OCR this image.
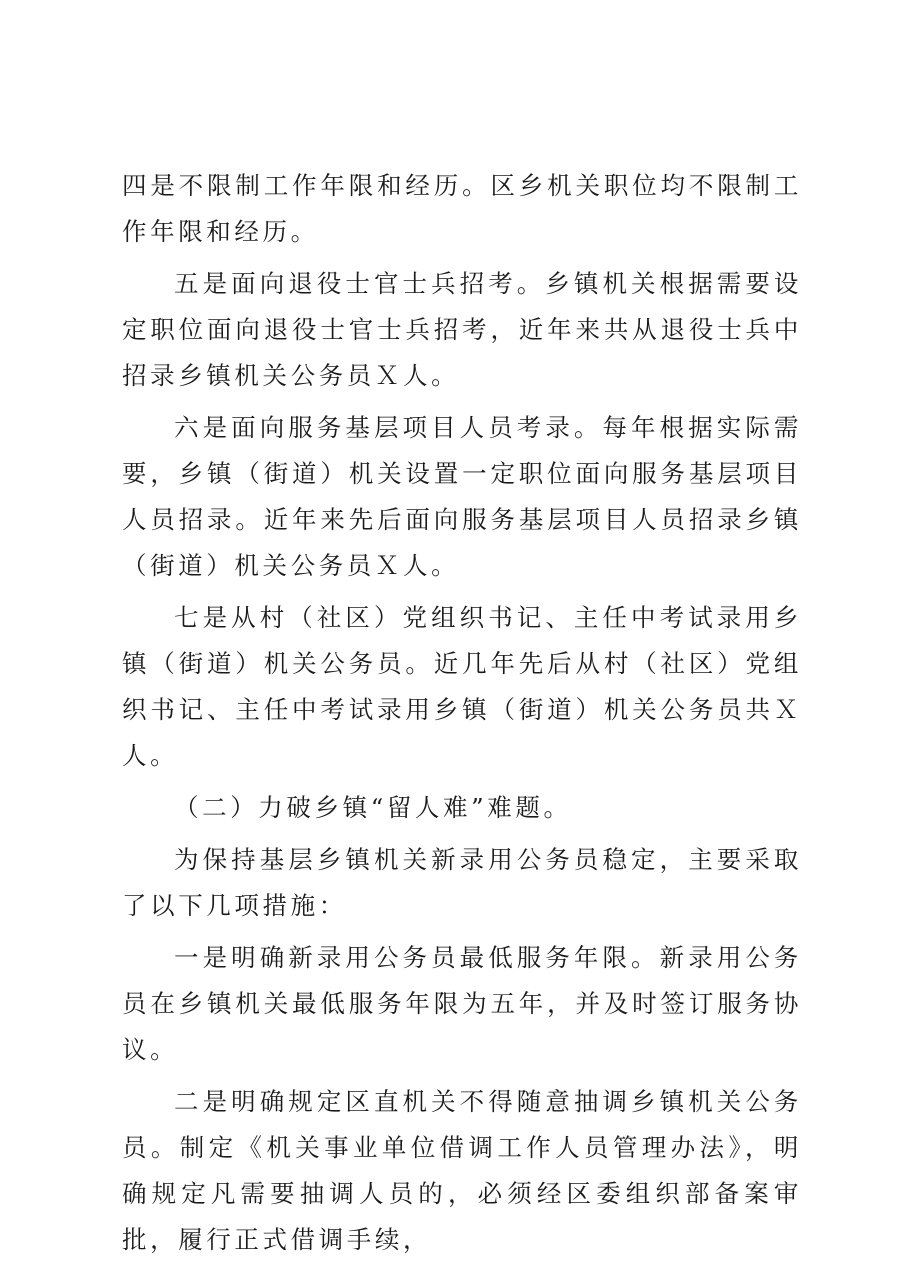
四是不限制工作年限和经历。区乡机关职位均不限制工作年限和经历。

五是面向退役士官士兵招考。乡镇机关根据需要设定职位面向退役士官士兵招考，近年来共从退役士兵中招录乡镇机关公务员Ｘ人。

六是面向服务基层项目人员考录。每年根据实际需要，乡镇（街道）机关设置一定职位面向服务基层项目人员招录。近年来先后面向服务基层项目人员招录乡镇（街道）机关公务员Ｘ人。

七是从村（社区）党组织书记、主任中考试录用乡镇（街道）机关公务员。近几年先后从村（社区）党组织书记、主任中考试录用乡镇（街道）机关公务员共Ｘ人。

（二）力破乡镇“留人难”难题。

为保持基层乡镇机关新录用公务员稳定，主要采取了以下几项措施：

一是明确新录用公务员最低服务年限。新录用公务员在乡镇机关最低服务年限为五年，并及时签订服务协议。

二是明确规定区直机关不得随意抽调乡镇机关公务员。制定《机关事业单位借调工作人员管理办法》，明确规定凡需要抽调人员的，必须经区委组织部备案审批，履行正式借调手续，
